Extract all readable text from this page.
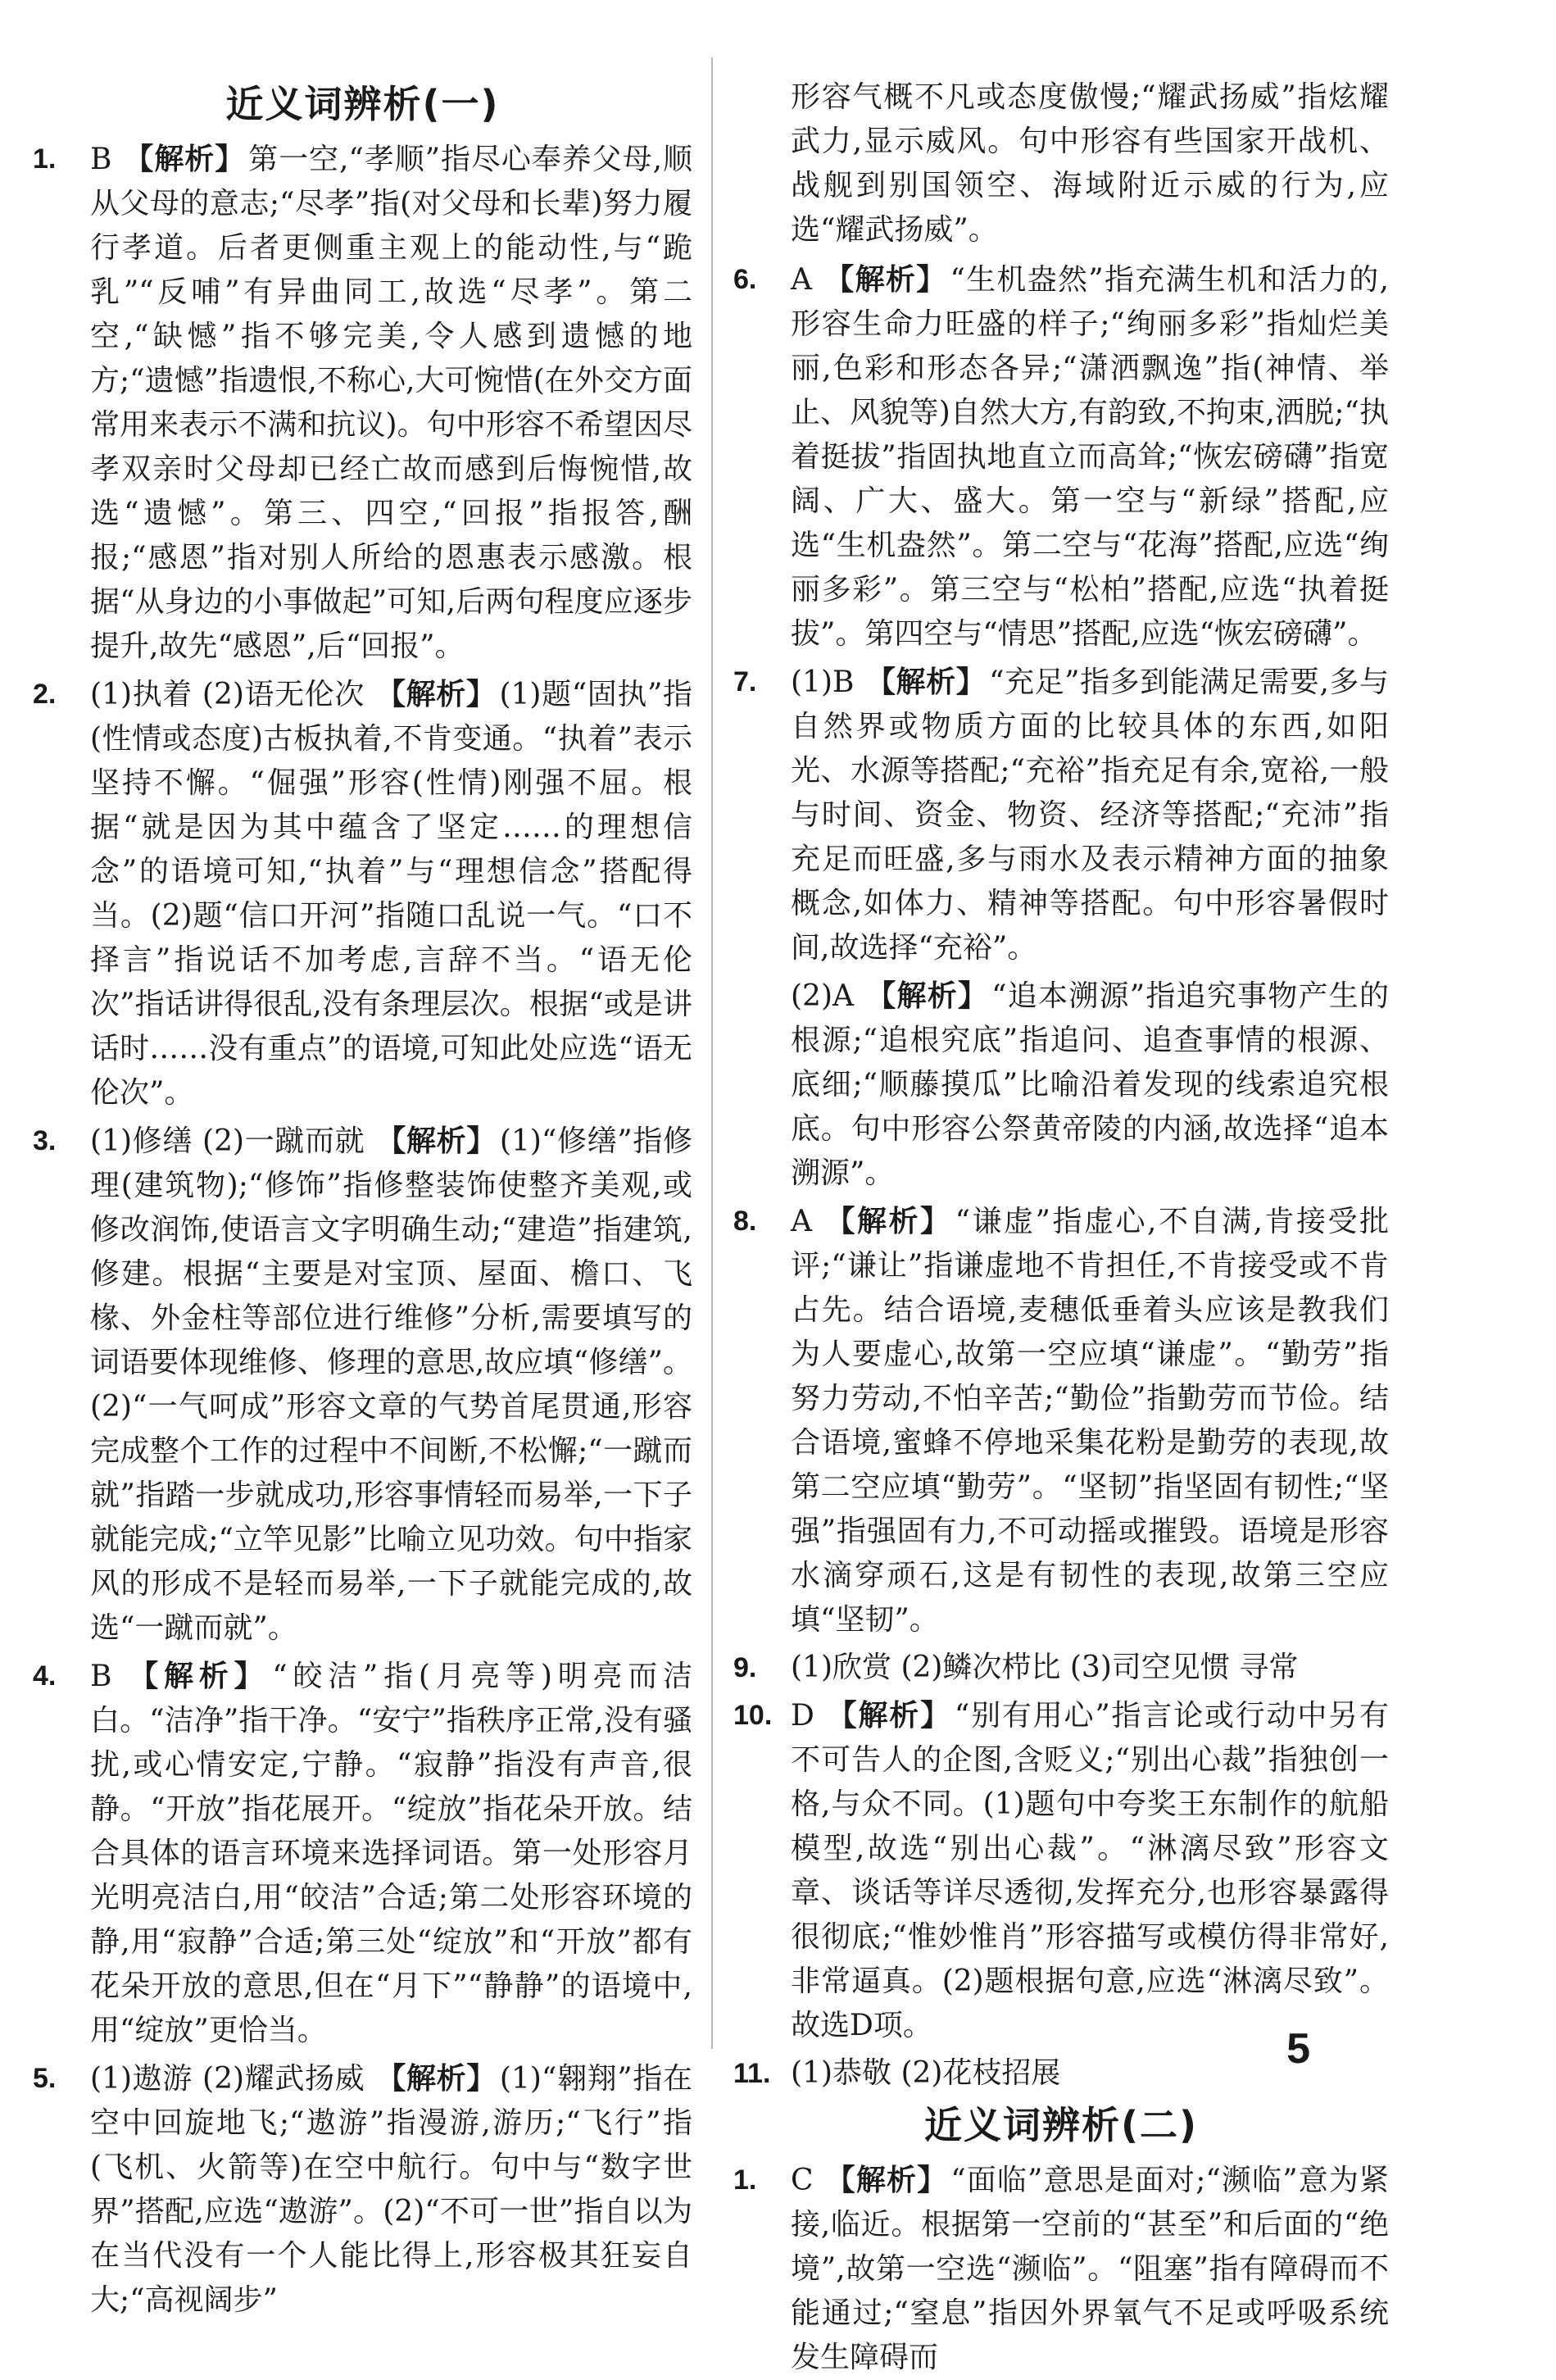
近义词辨析(一)
1.	B 【解析】 第一空,“孝顺”指尽心奉养父母,顺从父母的意志;“尽孝”指(对父母和长辈)努力履行孝道。后者更侧重主观上的能动性,与“跪乳”“反哺”有异曲同工,故选“尽孝”。第二空,“缺憾”指不够完美,令人感到遗憾的地方;“遗憾”指遗恨,不称心,大可惋惜(在外交方面常用来表示不满和抗议)。句中形容不希望因尽孝双亲时父母却已经亡故而感到后悔惋惜,故选“遗憾”。第三、四空,“回报”指报答,酬报;“感恩”指对别人所给的恩惠表示感激。根据“从身边的小事做起”可知,后两句程度应逐步提升,故先“感恩”,后“回报”。
2.	(1)执着 (2)语无伦次 【解析】 (1)题“固执”指(性情或态度)古板执着,不肯变通。“执着”表示坚持不懈。“倔强”形容(性情)刚强不屈。根据“就是因为其中蕴含了坚定……的理想信念”的语境可知,“执着”与“理想信念”搭配得当。(2)题“信口开河”指随口乱说一气。“口不择言”指说话不加考虑,言辞不当。“语无伦次”指话讲得很乱,没有条理层次。根据“或是讲话时……没有重点”的语境,可知此处应选“语无伦次”。
3.	(1)修缮 (2)一蹴而就 【解析】 (1)“修缮”指修理(建筑物);“修饰”指修整装饰使整齐美观,或修改润饰,使语言文字明确生动;“建造”指建筑,修建。根据“主要是对宝顶、屋面、檐口、飞椽、外金柱等部位进行维修”分析,需要填写的词语要体现维修、修理的意思,故应填“修缮”。(2)“一气呵成”形容文章的气势首尾贯通,形容完成整个工作的过程中不间断,不松懈;“一蹴而就”指踏一步就成功,形容事情轻而易举,一下子就能完成;“立竿见影”比喻立见功效。句中指家风的形成不是轻而易举,一下子就能完成的,故选“一蹴而就”。
4.	B 【解析】 “皎洁”指(月亮等)明亮而洁白。“洁净”指干净。“安宁”指秩序正常,没有骚扰,或心情安定,宁静。“寂静”指没有声音,很静。“开放”指花展开。“绽放”指花朵开放。结合具体的语言环境来选择词语。第一处形容月光明亮洁白,用“皎洁”合适;第二处形容环境的静,用“寂静”合适;第三处“绽放”和“开放”都有花朵开放的意思,但在“月下”“静静”的语境中,用“绽放”更恰当。
5.	(1)遨游 (2)耀武扬威 【解析】 (1)“翱翔”指在空中回旋地飞;“遨游”指漫游,游历;“飞行”指(飞机、火箭等)在空中航行。句中与“数字世界”搭配,应选“遨游”。(2)“不可一世”指自以为在当代没有一个人能比得上,形容极其狂妄自大;“高视阔步”
形容气概不凡或态度傲慢;“耀武扬威”指炫耀武力,显示威风。句中形容有些国家开战机、战舰到别国领空、海域附近示威的行为,应选“耀武扬威”。
6.	A 【解析】 “生机盎然”指充满生机和活力的,形容生命力旺盛的样子;“绚丽多彩”指灿烂美丽,色彩和形态各异;“潇洒飘逸”指(神情、举止、风貌等)自然大方,有韵致,不拘束,洒脱;“执着挺拔”指固执地直立而高耸;“恢宏磅礴”指宽阔、广大、盛大。第一空与“新绿”搭配,应选“生机盎然”。第二空与“花海”搭配,应选“绚丽多彩”。第三空与“松柏”搭配,应选“执着挺拔”。第四空与“情思”搭配,应选“恢宏磅礴”。
7.	(1)B 【解析】 “充足”指多到能满足需要,多与自然界或物质方面的比较具体的东西,如阳光、水源等搭配;“充裕”指充足有余,宽裕,一般与时间、资金、物资、经济等搭配;“充沛”指充足而旺盛,多与雨水及表示精神方面的抽象概念,如体力、精神等搭配。句中形容暑假时间,故选择“充裕”。
(2)A 【解析】 “追本溯源”指追究事物产生的根源;“追根究底”指追问、追查事情的根源、底细;“顺藤摸瓜”比喻沿着发现的线索追究根底。句中形容公祭黄帝陵的内涵,故选择“追本溯源”。
8.	A 【解析】 “谦虚”指虚心,不自满,肯接受批评;“谦让”指谦虚地不肯担任,不肯接受或不肯占先。结合语境,麦穗低垂着头应该是教我们为人要虚心,故第一空应填“谦虚”。“勤劳”指努力劳动,不怕辛苦;“勤俭”指勤劳而节俭。结合语境,蜜蜂不停地采集花粉是勤劳的表现,故第二空应填“勤劳”。“坚韧”指坚固有韧性;“坚强”指强固有力,不可动摇或摧毁。语境是形容水滴穿顽石,这是有韧性的表现,故第三空应填“坚韧”。
9.	(1)欣赏 (2)鳞次栉比 (3)司空见惯 寻常
10. D 【解析】 “别有用心”指言论或行动中另有不可告人的企图,含贬义;“别出心裁”指独创一格,与众不同。(1)题句中夸奖王东制作的航船模型,故选“别出心裁”。“淋漓尽致”形容文章、谈话等详尽透彻,发挥充分,也形容暴露得很彻底;“惟妙惟肖”形容描写或模仿得非常好,非常逼真。(2)题根据句意,应选“淋漓尽致”。故选D项。
11. (1)恭敬 (2)花枝招展
近义词辨析(二)
1.	C 【解析】 “面临”意思是面对;“濒临”意为紧接,临近。根据第一空前的“甚至”和后面的“绝境”,故第一空选“濒临”。“阻塞”指有障碍而不能通过;“窒息”指因外界氧气不足或呼吸系统发生障碍而
5
